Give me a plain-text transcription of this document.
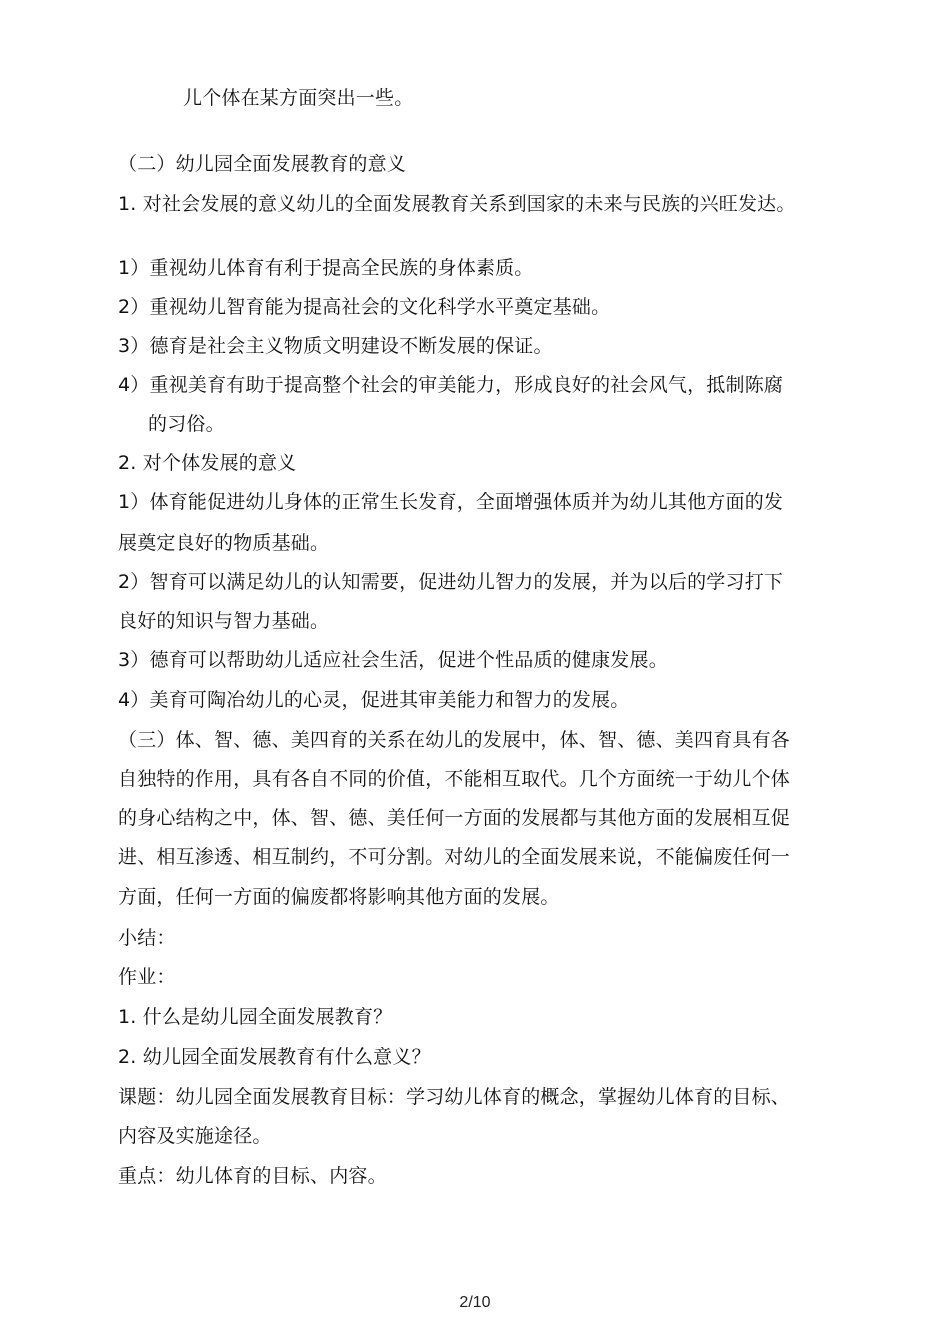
儿个体在某方面突出一些。
（二）幼儿园全面发展教育的意义
1. 对社会发展的意义幼儿的全面发展教育关系到国家的未来与民族的兴旺发达。
1）重视幼儿体育有利于提高全民族的身体素质。
2）重视幼儿智育能为提高社会的文化科学水平奠定基础。
3）德育是社会主义物质文明建设不断发展的保证。
4）重视美育有助于提高整个社会的审美能力，形成良好的社会风气，抵制陈腐
的习俗。
2. 对个体发展的意义
1）体育能促进幼儿身体的正常生长发育，全面增强体质并为幼儿其他方面的发
展奠定良好的物质基础。
2）智育可以满足幼儿的认知需要，促进幼儿智力的发展，并为以后的学习打下
良好的知识与智力基础。
3）德育可以帮助幼儿适应社会生活，促进个性品质的健康发展。
4）美育可陶冶幼儿的心灵，促进其审美能力和智力的发展。
（三）体、智、德、美四育的关系在幼儿的发展中，体、智、德、美四育具有各
自独特的作用，具有各自不同的价值，不能相互取代。几个方面统一于幼儿个体
的身心结构之中，体、智、德、美任何一方面的发展都与其他方面的发展相互促
进、相互渗透、相互制约，不可分割。对幼儿的全面发展来说，不能偏废任何一
方面，任何一方面的偏废都将影响其他方面的发展。
小结：
作业：
1. 什么是幼儿园全面发展教育？
2. 幼儿园全面发展教育有什么意义？
课题：幼儿园全面发展教育目标：学习幼儿体育的概念，掌握幼儿体育的目标、
内容及实施途径。
重点：幼儿体育的目标、内容。
2/10
